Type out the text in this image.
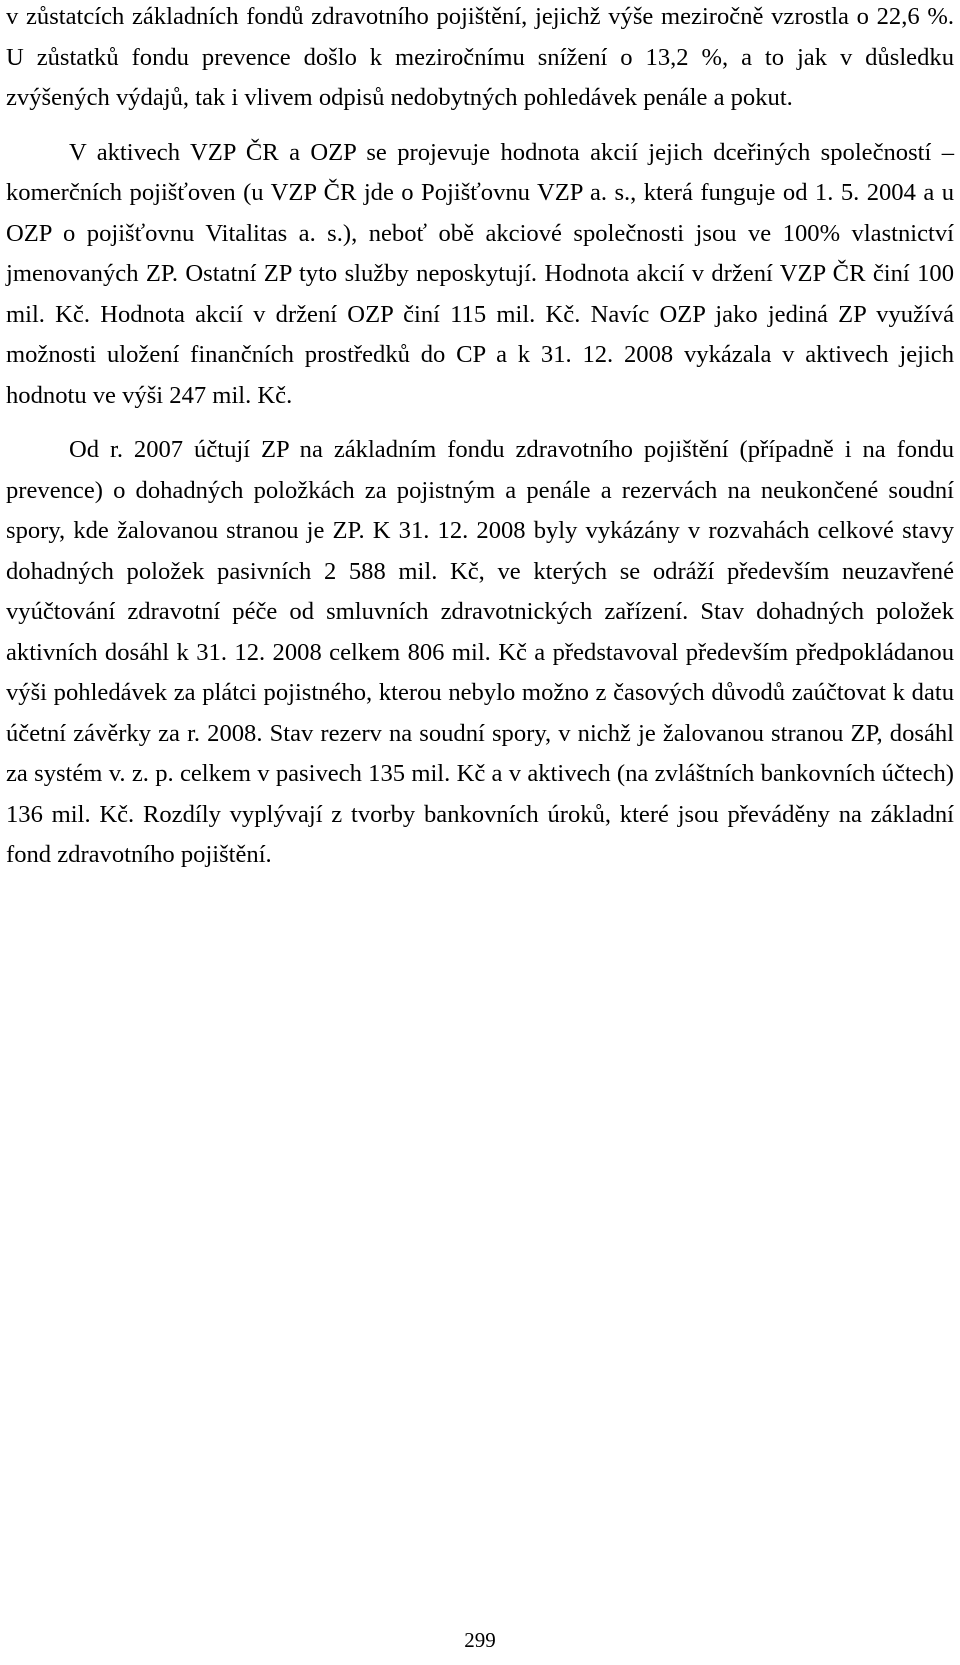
v zůstatcích základních fondů zdravotního pojištění, jejichž výše meziročně vzrostla o 22,6 %. U zůstatků fondu prevence došlo k meziročnímu snížení o 13,2 %, a to jak v důsledku zvýšených výdajů, tak i vlivem odpisů nedobytných pohledávek penále a pokut.

V aktivech VZP ČR a OZP se projevuje hodnota akcií jejich dceřiných společností – komerčních pojišťoven (u VZP ČR jde o Pojišťovnu VZP a. s., která funguje od 1. 5. 2004 a u OZP o pojišťovnu Vitalitas a. s.), neboť obě akciové společnosti jsou ve 100% vlastnictví jmenovaných ZP. Ostatní ZP tyto služby neposkytují. Hodnota akcií v držení VZP ČR činí 100 mil. Kč. Hodnota akcií v držení OZP činí 115 mil. Kč. Navíc OZP jako jediná ZP využívá možnosti uložení finančních prostředků do CP a k 31. 12. 2008 vykázala v aktivech jejich hodnotu ve výši 247 mil. Kč.

Od r. 2007 účtují ZP na základním fondu zdravotního pojištění (případně i na fondu prevence) o dohadných položkách za pojistným a penále a rezervách na neukončené soudní spory, kde žalovanou stranou je ZP. K 31. 12. 2008 byly vykázány v rozvahách celkové stavy dohadných položek pasivních 2 588 mil. Kč, ve kterých se odráží především neuzavřené vyúčtování zdravotní péče od smluvních zdravotnických zařízení. Stav dohadných položek aktivních dosáhl k 31. 12. 2008 celkem 806 mil. Kč a představoval především předpokládanou výši pohledávek za plátci pojistného, kterou nebylo možno z časových důvodů zaúčtovat k datu účetní závěrky za r. 2008. Stav rezerv na soudní spory, v nichž je žalovanou stranou ZP, dosáhl za systém v. z. p. celkem v pasivech 135 mil. Kč a v aktivech (na zvláštních bankovních účtech) 136 mil. Kč. Rozdíly vyplývají z tvorby bankovních úroků, které jsou převáděny na základní fond zdravotního pojištění.

299
